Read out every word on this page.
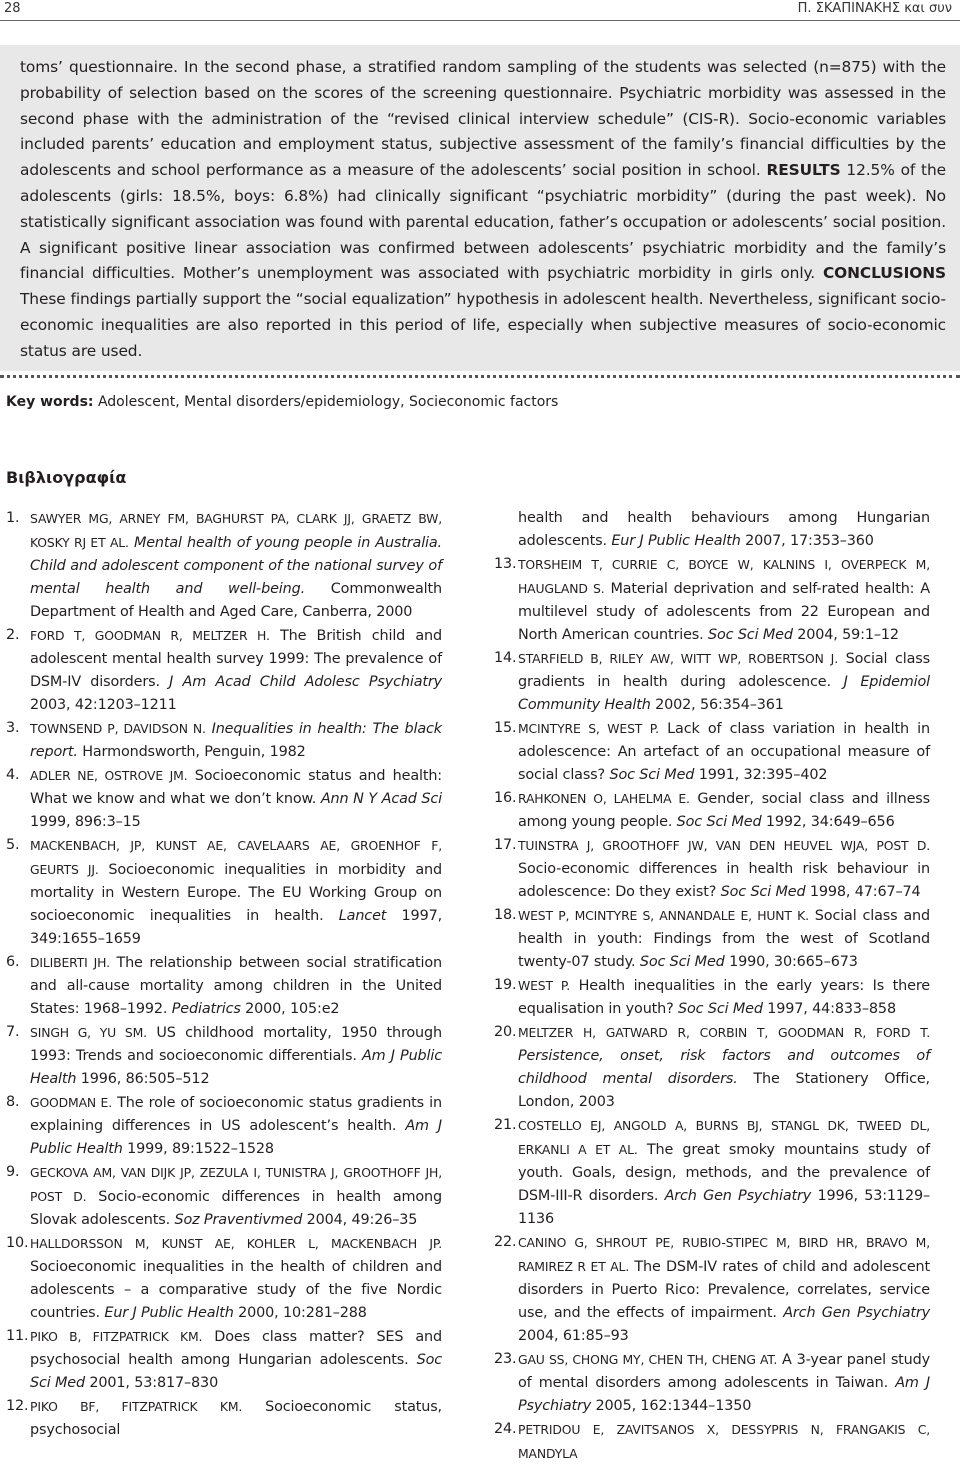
28	Π. ΣΚΑΠΙΝΑΚΗΣ και συν
toms’ questionnaire. In the second phase, a stratified random sampling of the students was selected (n=875) with the probability of selection based on the scores of the screening questionnaire. Psychiatric morbidity was assessed in the second phase with the administration of the “revised clinical interview schedule” (CIS-R). Socio-economic variables included parents’ education and employment status, subjective assessment of the family’s financial difficulties by the adolescents and school performance as a measure of the adolescents’ social position in school. RESULTS 12.5% of the adolescents (girls: 18.5%, boys: 6.8%) had clinically significant “psychiatric morbidity” (during the past week). No statistically significant association was found with parental education, father’s occupation or adolescents’ social position. A significant positive linear association was confirmed between adolescents’ psychiatric morbidity and the family’s financial difficulties. Mother’s unemployment was associated with psychiatric morbidity in girls only. CONCLUSIONS These findings partially support the “social equalization” hypothesis in adolescent health. Nevertheless, significant socio-economic inequalities are also reported in this period of life, especially when subjective measures of socio-economic status are used.
Key words: Adolescent, Mental disorders/epidemiology, Socieconomic factors
Βιβλιογραφία

1. SAWYER MG, ARNEY FM, BAGHURST PA, CLARK JJ, GRAETZ BW, KOSKY RJ ET AL. Mental health of young people in Australia. Child and adolescent component of the national survey of mental health and well-being. Commonwealth Department of Health and Aged Care, Canberra, 2000

2. FORD T, GOODMAN R, MELTZER H. The British child and adolescent mental health survey 1999: The prevalence of DSM-IV disorders. J Am Acad Child Adolesc Psychiatry 2003, 42:1203–1211

3. TOWNSEND P, DAVIDSON N. Inequalities in health: The black report. Harmondsworth, Penguin, 1982

4. ADLER NE, OSTROVE JM. Socioeconomic status and health: What we know and what we don’t know. Ann N Y Acad Sci 1999, 896:3–15

5. MACKENBACH, JP, KUNST AE, CAVELAARS AE, GROENHOF F, GEURTS JJ. Socioeconomic inequalities in morbidity and mortality in Western Europe. The EU Working Group on socioeconomic inequalities in health. Lancet 1997, 349:1655–1659

6. DILIBERTI JH. The relationship between social stratification and all-cause mortality among children in the United States: 1968–1992. Pediatrics 2000, 105:e2

7. SINGH G, YU SM. US childhood mortality, 1950 through 1993: Trends and socioeconomic differentials. Am J Public Health 1996, 86:505–512

8. GOODMAN E. The role of socioeconomic status gradients in explaining differences in US adolescent’s health. Am J Public Health 1999, 89:1522–1528

9. GECKOVA AM, VAN DIJK JP, ZEZULA I, TUNISTRA J, GROOTHOFF JH, POST D. Socio-economic differences in health among Slovak adolescents. Soz Praventivmed 2004, 49:26–35

10. HALLDORSSON M, KUNST AE, KOHLER L, MACKENBACH JP. Socioeconomic inequalities in the health of children and adolescents – a comparative study of the five Nordic countries. Eur J Public Health 2000, 10:281–288

11. PIKO B, FITZPATRICK KM. Does class matter? SES and psychosocial health among Hungarian adolescents. Soc Sci Med 2001, 53:817–830

12. PIKO BF, FITZPATRICK KM. Socioeconomic status, psychosocial

health and health behaviours among Hungarian adolescents. Eur J Public Health 2007, 17:353–360

13. TORSHEIM T, CURRIE C, BOYCE W, KALNINS I, OVERPECK M, HAUGLAND S. Material deprivation and self-rated health: A multilevel study of adolescents from 22 European and North American countries. Soc Sci Med 2004, 59:1–12

14. STARFIELD B, RILEY AW, WITT WP, ROBERTSON J. Social class gradients in health during adolescence. J Epidemiol Community Health 2002, 56:354–361

15. MCINTYRE S, WEST P. Lack of class variation in health in adolescence: An artefact of an occupational measure of social class? Soc Sci Med 1991, 32:395–402

16. RAHKONEN O, LAHELMA E. Gender, social class and illness among young people. Soc Sci Med 1992, 34:649–656

17. TUINSTRA J, GROOTHOFF JW, VAN DEN HEUVEL WJA, POST D. Socio-economic differences in health risk behaviour in adolescence: Do they exist? Soc Sci Med 1998, 47:67–74

18. WEST P, MCINTYRE S, ANNANDALE E, HUNT K. Social class and health in youth: Findings from the west of Scotland twenty-07 study. Soc Sci Med 1990, 30:665–673

19. WEST P. Health inequalities in the early years: Is there equalisation in youth? Soc Sci Med 1997, 44:833–858

20. MELTZER H, GATWARD R, CORBIN T, GOODMAN R, FORD T. Persistence, onset, risk factors and outcomes of childhood mental disorders. The Stationery Office, London, 2003

21. COSTELLO EJ, ANGOLD A, BURNS BJ, STANGL DK, TWEED DL, ERKANLI A ET AL. The great smoky mountains study of youth. Goals, design, methods, and the prevalence of DSM-III-R disorders. Arch Gen Psychiatry 1996, 53:1129–1136

22. CANINO G, SHROUT PE, RUBIO-STIPEC M, BIRD HR, BRAVO M, RAMIREZ R ET AL. The DSM-IV rates of child and adolescent disorders in Puerto Rico: Prevalence, correlates, service use, and the effects of impairment. Arch Gen Psychiatry 2004, 61:85–93

23. GAU SS, CHONG MY, CHEN TH, CHENG AT. A 3-year panel study of mental disorders among adolescents in Taiwan. Am J Psychiatry 2005, 162:1344–1350

24. PETRIDOU E, ZAVITSANOS X, DESSYPRIS N, FRANGAKIS C, MANDYLA
